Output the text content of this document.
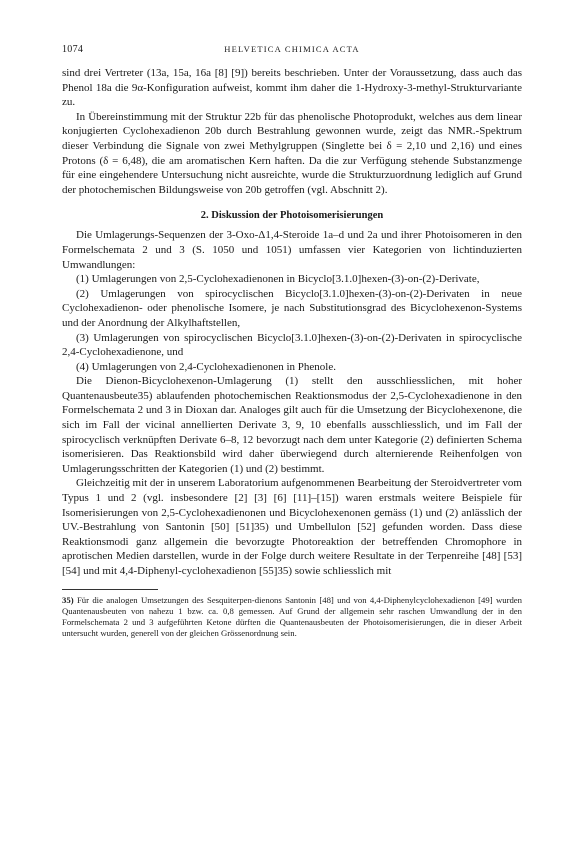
1074	HELVETICA CHIMICA ACTA

sind drei Vertreter (13a, 15a, 16a [8] [9]) bereits beschrieben. Unter der Voraussetzung, dass auch das Phenol 18a die 9α-Konfiguration aufweist, kommt ihm daher die 1-Hydroxy-3-methyl-Strukturvariante zu.

In Übereinstimmung mit der Struktur 22b für das phenolische Photoprodukt, welches aus dem linear konjugierten Cyclohexadienon 20b durch Bestrahlung gewonnen wurde, zeigt das NMR.-Spektrum dieser Verbindung die Signale von zwei Methylgruppen (Singlette bei δ = 2,10 und 2,16) und eines Protons (δ = 6,48), die am aromatischen Kern haften. Da die zur Verfügung stehende Substanzmenge für eine eingehendere Untersuchung nicht ausreichte, wurde die Strukturzuordnung lediglich auf Grund der photochemischen Bildungsweise von 20b getroffen (vgl. Abschnitt 2).

2. Diskussion der Photoisomerisierungen

Die Umlagerungs-Sequenzen der 3-Oxo-Δ1,4-Steroide 1a–d und 2a und ihrer Photoisomeren in den Formelschemata 2 und 3 (S. 1050 und 1051) umfassen vier Kategorien von lichtinduzierten Umwandlungen:

(1) Umlagerungen von 2,5-Cyclohexadienonen in Bicyclo[3.1.0]hexen-(3)-on-(2)-Derivate,

(2) Umlagerungen von spirocyclischen Bicyclo[3.1.0]hexen-(3)-on-(2)-Derivaten in neue Cyclohexadienon- oder phenolische Isomere, je nach Substitutionsgrad des Bicyclohexenon-Systems und der Anordnung der Alkylhaftstellen,

(3) Umlagerungen von spirocyclischen Bicyclo[3.1.0]hexen-(3)-on-(2)-Derivaten in spirocyclische 2,4-Cyclohexadienone, und

(4) Umlagerungen von 2,4-Cyclohexadienonen in Phenole.

Die Dienon-Bicyclohexenon-Umlagerung (1) stellt den ausschliesslichen, mit hoher Quantenausbeute35) ablaufenden photochemischen Reaktionsmodus der 2,5-Cyclohexadienone in den Formelschemata 2 und 3 in Dioxan dar. Analoges gilt auch für die Umsetzung der Bicyclohexenone, die sich im Fall der vicinal annellierten Derivate 3, 9, 10 ebenfalls ausschliesslich, und im Fall der spirocyclisch verknüpften Derivate 6–8, 12 bevorzugt nach dem unter Kategorie (2) definierten Schema isomerisieren. Das Reaktionsbild wird daher überwiegend durch alternierende Reihenfolgen von Umlagerungsschritten der Kategorien (1) und (2) bestimmt.

Gleichzeitig mit der in unserem Laboratorium aufgenommenen Bearbeitung der Steroidvertreter vom Typus 1 und 2 (vgl. insbesondere [2] [3] [6] [11]–[15]) waren erstmals weitere Beispiele für Isomerisierungen von 2,5-Cyclohexadienonen und Bicyclohexenonen gemäss (1) und (2) anlässlich der UV.-Bestrahlung von Santonin [50] [51]35) und Umbellulon [52] gefunden worden. Dass diese Reaktionsmodi ganz allgemein die bevorzugte Photoreaktion der betreffenden Chromophore in aprotischen Medien darstellen, wurde in der Folge durch weitere Resultate in der Terpenreihe [48] [53] [54] und mit 4,4-Diphenyl-cyclohexadienon [55]35) sowie schliesslich mit

35) Für die analogen Umsetzungen des Sesquiterpen-dienons Santonin [48] und von 4,4-Diphenylcyclohexadienon [49] wurden Quantenausbeuten von nahezu 1 bzw. ca. 0,8 gemessen. Auf Grund der allgemein sehr raschen Umwandlung der in den Formelschemata 2 und 3 aufgeführten Ketone dürften die Quantenausbeuten der Photoisomerisierungen, die in dieser Arbeit untersucht wurden, generell von der gleichen Grössenordnung sein.
